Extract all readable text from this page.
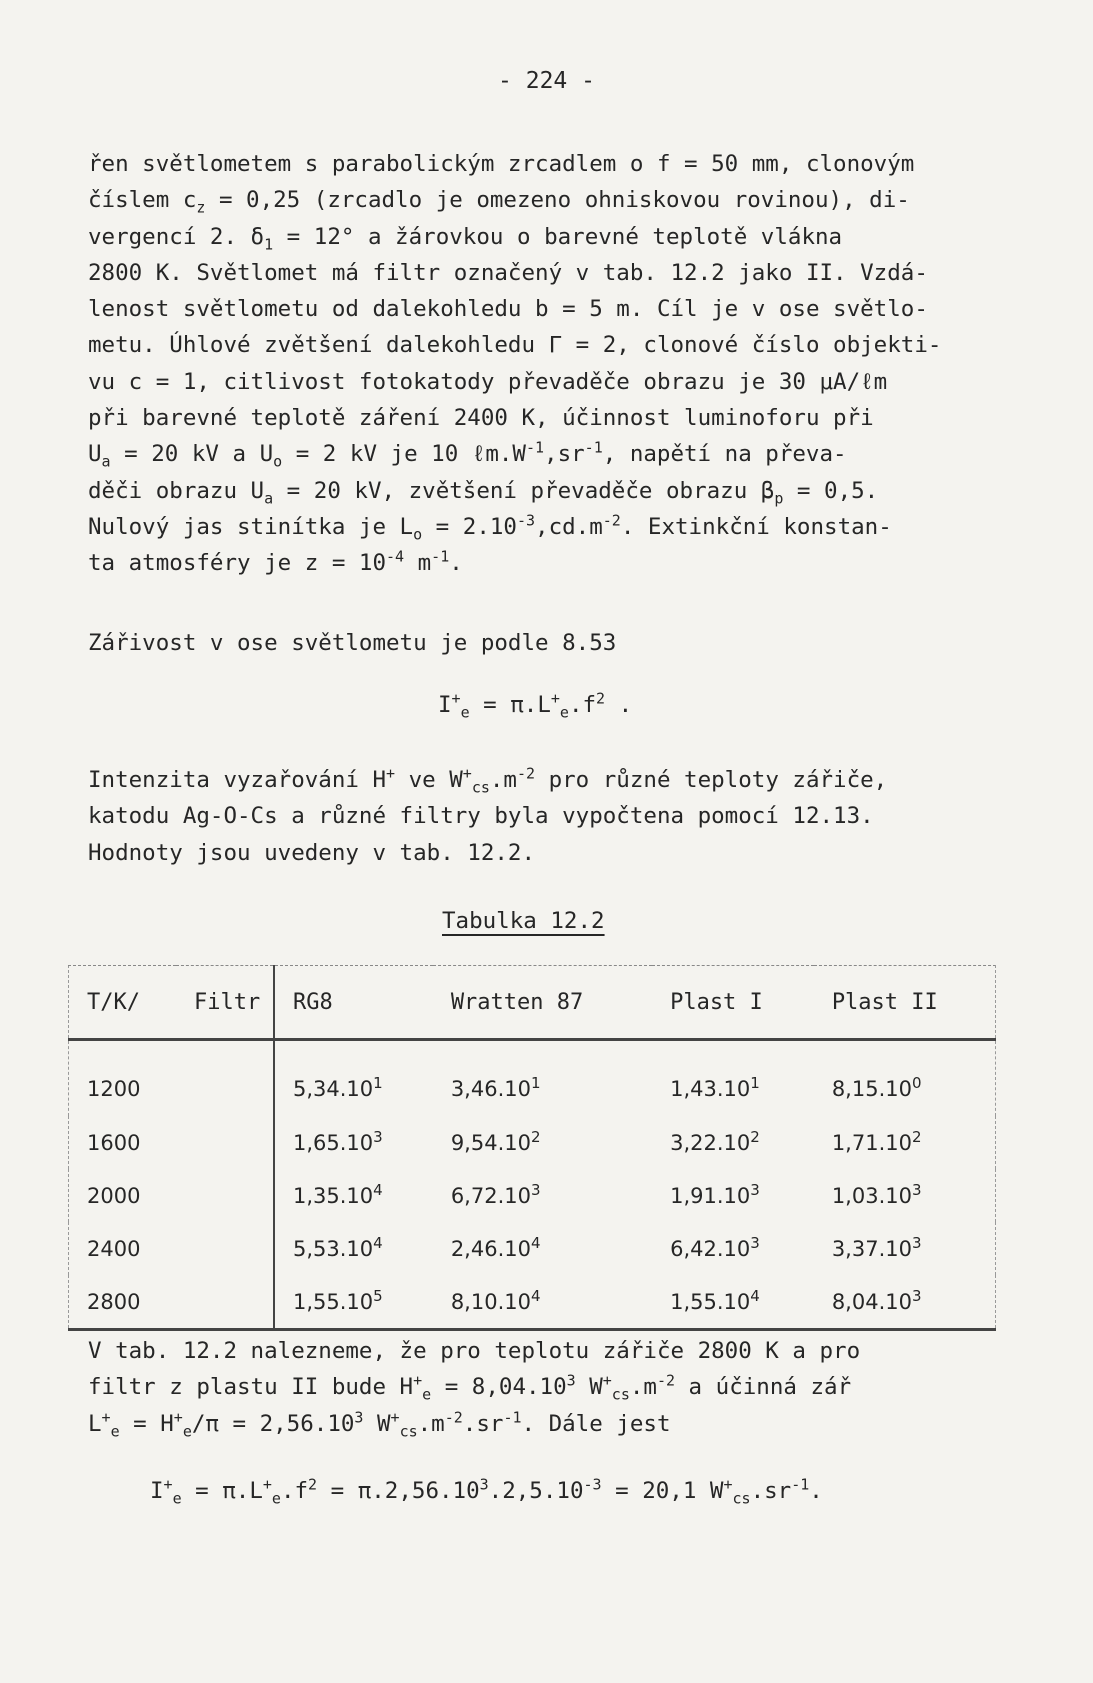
- 224 -
řen světlometem s parabolickým zrcadlem o f = 50 mm, clonovým
číslem $c_z = 0,25$ (zrcadlo je omezeno ohniskovou rovinou), di-
vergencí 2. $\delta_1 = 12^\circ$ a žárovkou o barevné teplotě vlákna
2800 K. Světlomet má filtr označený v tab. 12.2 jako II. Vzdá-
lenost světlometu od dalekohledu b = 5 m. Cíl je v ose světlo-
metu. Úhlové zvětšení dalekohledu Γ = 2, clonové číslo objekti-
vu c = 1, citlivost fotokatody převaděče obrazu je 30 μA/ℓm
při barevné teplotě záření 2400 K, účinnost luminoforu při
$U_a = 20$ kV a $U_o = 2$ kV je 10 $\ell m.W^{-1},sr^{-1}$, napětí na převa-
děči obrazu $U_a = 20$ kV, zvětšení převaděče obrazu $\beta_p = 0,5$.
Nulový jas stinítka je $L_o = 2.10^{-3},cd.m^{-2}$. Extinkční konstan-
ta atmosféry je $z = 10^{-4}$ $m^{-1}$.
Zářivost v ose světlometu je podle 8.53
$I^+_e = \pi.L^+_e.f^2$ .
Intenzita vyzařování H+ ve $W^+_{cs}.m^{-2}$ pro různé teploty zářiče,
katodu Ag-O-Cs a různé filtry byla vypočtena pomocí 12.13.
Hodnoty jsou uvedeny v tab. 12.2.
Tabulka 12.2
T/K/	Filtr	RG8	Wratten 87	Plast I	Plast II
1200		5,34.10$^1$	3,46.10$^1$	1,43.10$^1$	8,15.10$^0$
1600		1,65.10$^3$	9,54.10$^2$	3,22.10$^2$	1,71.10$^2$
2000		1,35.10$^4$	6,72.10$^3$	1,91.10$^3$	1,03.10$^3$
2400		5,53.10$^4$	2,46.10$^4$	6,42.10$^3$	3,37.10$^3$
2800		1,55.10$^5$	8,10.10$^4$	1,55.10$^4$	8,04.10$^3$
V tab. 12.2 nalezneme, že pro teplotu zářiče 2800 K a pro
filtr z plastu II bude $H^+_e = 8,04.10^3$ $W^+_{cs}.m^{-2}$ a účinná zář
$L^+_e = H^+_e/\pi = 2,56.10^3$ $W^+_{cs}.m^{-2}.sr^{-1}$. Dále jest
$I^+_e = \pi.L^+_e.f^2 = \pi.2,56.10^3.2,5.10^{-3} = 20,1$ $W^+_{cs}.sr^{-1}$.
